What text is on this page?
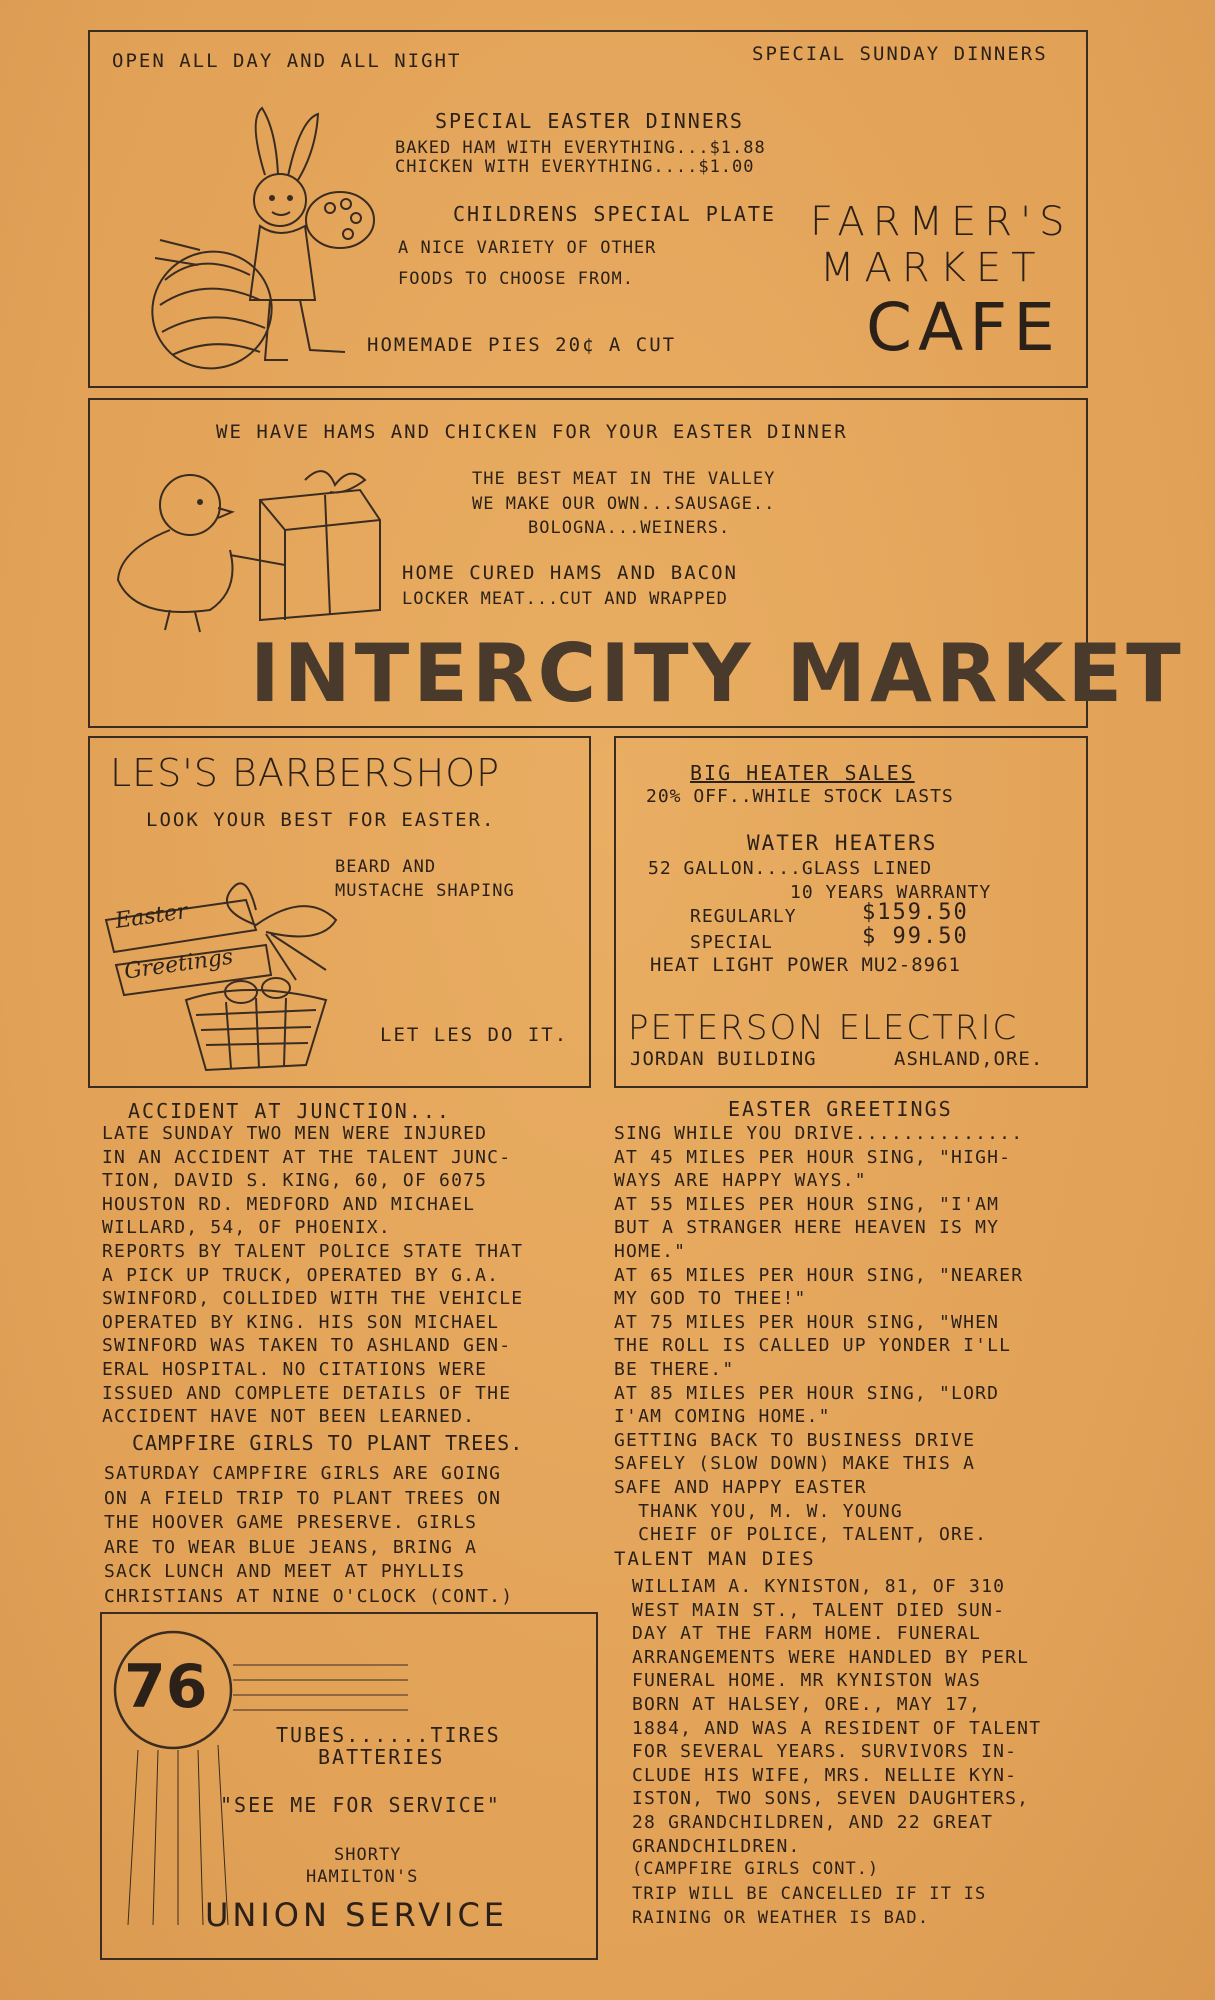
OPEN ALL DAY AND ALL NIGHT	SPECIAL SUNDAY DINNERS
SPECIAL EASTER DINNERS
BAKED HAM WITH EVERYTHING...$1.88
CHICKEN WITH EVERYTHING....$1.00
CHILDRENS SPECIAL PLATE
A NICE VARIETY OF OTHER
FOODS TO CHOOSE FROM.
HOMEMADE PIES 20¢ A CUT
FARMER'S
MARKET
CAFE
WE HAVE HAMS AND CHICKEN FOR YOUR EASTER DINNER
THE BEST MEAT IN THE VALLEY
WE MAKE OUR OWN...SAUSAGE..
BOLOGNA...WEINERS.
HOME CURED HAMS AND BACON
LOCKER MEAT...CUT AND WRAPPED
INTERCITY MARKET
LES'S BARBERSHOP
LOOK YOUR BEST FOR EASTER.
BEARD AND
MUSTACHE SHAPING
LET LES DO IT.
Easter
Greetings
BIG HEATER SALES
20% OFF..WHILE STOCK LASTS
WATER HEATERS
52 GALLON....GLASS LINED
10 YEARS WARRANTY
REGULARLY	$159.50
SPECIAL	$ 99.50
HEAT LIGHT POWER MU2-8961
PETERSON ELECTRIC
JORDAN BUILDING	ASHLAND,ORE.
ACCIDENT AT JUNCTION...
LATE SUNDAY TWO MEN WERE INJURED
IN AN ACCIDENT AT THE TALENT JUNC-
TION, DAVID S. KING, 60, OF 6075
HOUSTON RD. MEDFORD AND MICHAEL
WILLARD, 54, OF PHOENIX.
REPORTS BY TALENT POLICE STATE THAT
A PICK UP TRUCK, OPERATED BY G.A.
SWINFORD, COLLIDED WITH THE VEHICLE
OPERATED BY KING. HIS SON MICHAEL
SWINFORD WAS TAKEN TO ASHLAND GEN-
ERAL HOSPITAL. NO CITATIONS WERE
ISSUED AND COMPLETE DETAILS OF THE
ACCIDENT HAVE NOT BEEN LEARNED.
CAMPFIRE GIRLS TO PLANT TREES.
SATURDAY CAMPFIRE GIRLS ARE GOING
ON A FIELD TRIP TO PLANT TREES ON
THE HOOVER GAME PRESERVE. GIRLS
ARE TO WEAR BLUE JEANS, BRING A
SACK LUNCH AND MEET AT PHYLLIS
CHRISTIANS AT NINE O'CLOCK (CONT.)
76
TUBES......TIRES
BATTERIES
"SEE ME FOR SERVICE"
SHORTY
HAMILTON'S
UNION SERVICE
EASTER GREETINGS
SING WHILE YOU DRIVE..............
AT 45 MILES PER HOUR SING, "HIGH-
WAYS ARE HAPPY WAYS."
AT 55 MILES PER HOUR SING, "I'AM
BUT A STRANGER HERE HEAVEN IS MY
HOME."
AT 65 MILES PER HOUR SING, "NEARER
MY GOD TO THEE!"
AT 75 MILES PER HOUR SING, "WHEN
THE ROLL IS CALLED UP YONDER I'LL
BE THERE."
AT 85 MILES PER HOUR SING, "LORD
I'AM COMING HOME."
GETTING BACK TO BUSINESS DRIVE
SAFELY (SLOW DOWN) MAKE THIS A
SAFE AND HAPPY EASTER
THANK YOU, M. W. YOUNG
CHEIF OF POLICE, TALENT, ORE.
TALENT MAN DIES
WILLIAM A. KYNISTON, 81, OF 310
WEST MAIN ST., TALENT DIED SUN-
DAY AT THE FARM HOME. FUNERAL
ARRANGEMENTS WERE HANDLED BY PERL
FUNERAL HOME. MR KYNISTON WAS
BORN AT HALSEY, ORE., MAY 17,
1884, AND WAS A RESIDENT OF TALENT
FOR SEVERAL YEARS. SURVIVORS IN-
CLUDE HIS WIFE, MRS. NELLIE KYN-
ISTON, TWO SONS, SEVEN DAUGHTERS,
28 GRANDCHILDREN, AND 22 GREAT
GRANDCHILDREN.
(CAMPFIRE GIRLS CONT.)
TRIP WILL BE CANCELLED IF IT IS
RAINING OR WEATHER IS BAD.
